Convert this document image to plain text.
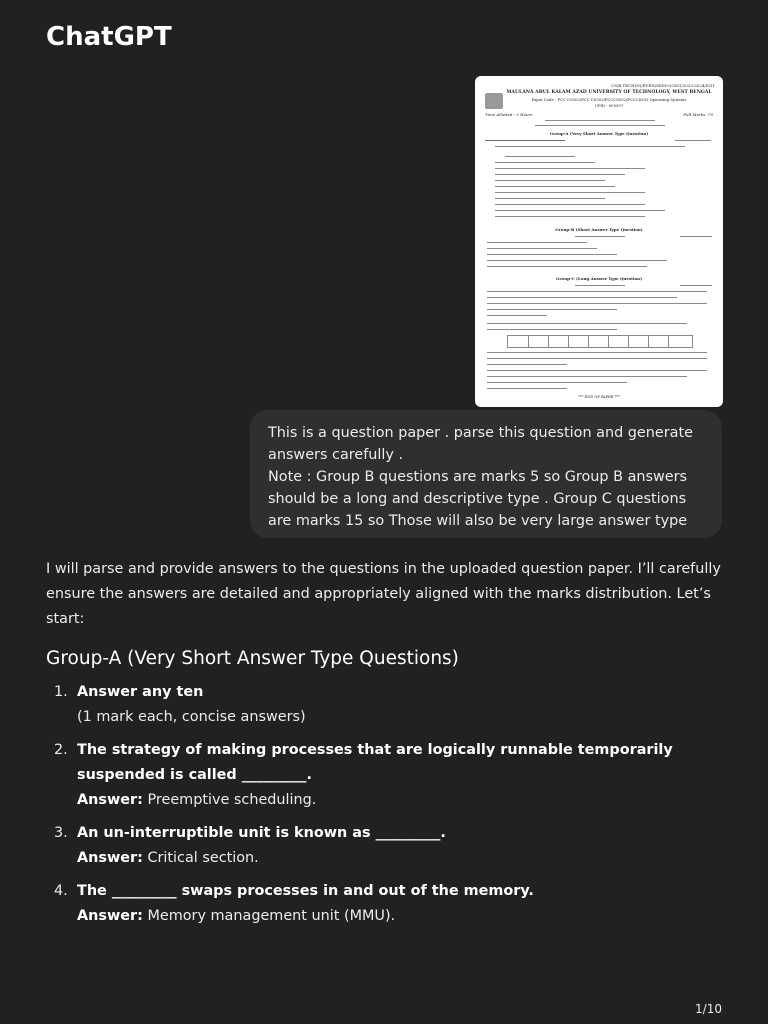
ChatGPT
CS/B.TECH(N)/EVEN/SEM-5/5581/2023-2024/I011
MAULANA ABUL KALAM AZAD UNIVERSITY OF TECHNOLOGY, WEST BENGAL
Paper Code : PCC-CS502/PCC-CS502/PCCCS502/PCCCS502 Operating Systems
UPID : 005597
Time Allotted : 3 Hours	Full Marks :70
Group-A (Very Short Answer Type Question)
Group-B (Short Answer Type Question)
Group-C (Long Answer Type Question)
*** END OF PAPER ***

This is a question paper . parse this question and generate

answers carefully .

Note : Group B questions are marks 5 so Group B answers

should be a long and descriptive type . Group C questions

are marks 15 so Those will also be very large answer type

I will parse and provide answers to the questions in the uploaded question paper. I’ll carefully ensure the answers are detailed and appropriately aligned with the marks distribution. Let’s start:

Group-A (Very Short Answer Type Questions)
1. Answer any ten
(1 mark each, concise answers)
2. The strategy of making processes that are logically runnable temporarily suspended is called _________.
Answer: Preemptive scheduling.
3. An un-interruptible unit is known as _________.
Answer: Critical section.
4. The _________ swaps processes in and out of the memory.
Answer: Memory management unit (MMU).
1/10
